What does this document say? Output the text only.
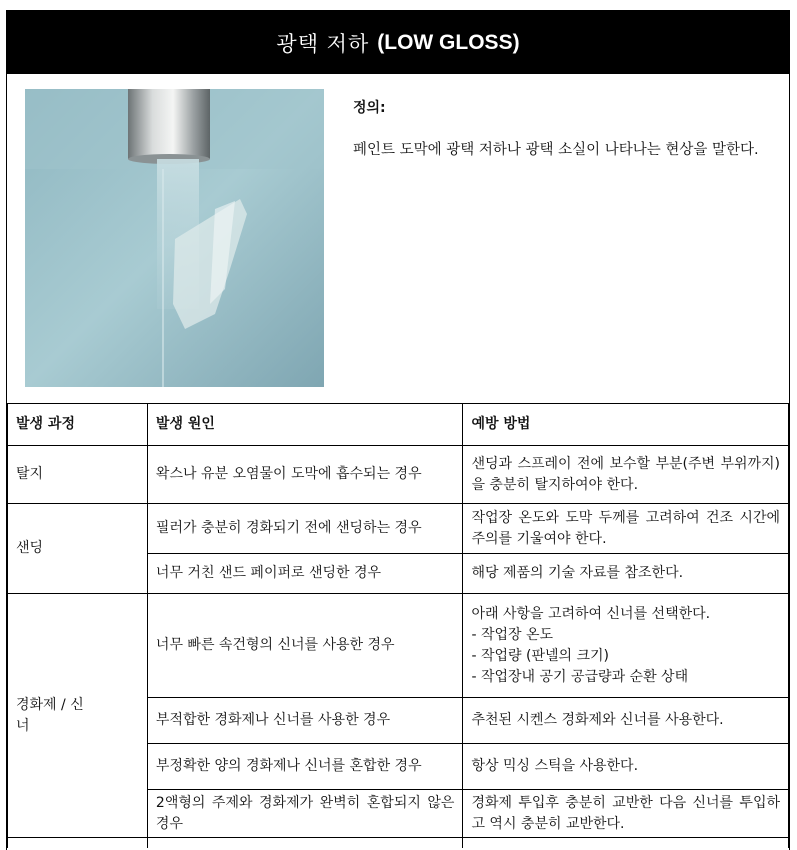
광택 저하 (LOW GLOSS)
정의:
페인트 도막에 광택 저하나 광택 소실이 나타나는 현상을 말한다.
발생 과정	발생 원인	예방 방법
탈지	왁스나 유분 오염물이 도막에 흡수되는 경우	샌딩과 스프레이 전에 보수할 부분(주변 부위까지)을 충분히 탈지하여야 한다.
샌딩	필러가 충분히 경화되기 전에 샌딩하는 경우	작업장 온도와 도막 두께를 고려하여 건조 시간에 주의를 기울여야 한다.
	너무 거친 샌드 페이퍼로 샌딩한 경우	해당 제품의 기술 자료를 참조한다.
경화제 / 신너	너무 빠른 속건형의 신너를 사용한 경우	아래 사항을 고려하여 신너를 선택한다.
- 작업장 온도
- 작업량 (판넬의 크기)
- 작업장내 공기 공급량과 순환 상태

	부적합한 경화제나 신너를 사용한 경우	추천된 시켄스 경화제와 신너를 사용한다.
	부정확한 양의 경화제나 신너를 혼합한 경우	항상 믹싱 스틱을 사용한다.
	2액형의 주제와 경화제가 완벽히 혼합되지 않은 경우	경화제 투입후 충분히 교반한 다음 신너를 투입하고 역시 충분히 교반한다.
